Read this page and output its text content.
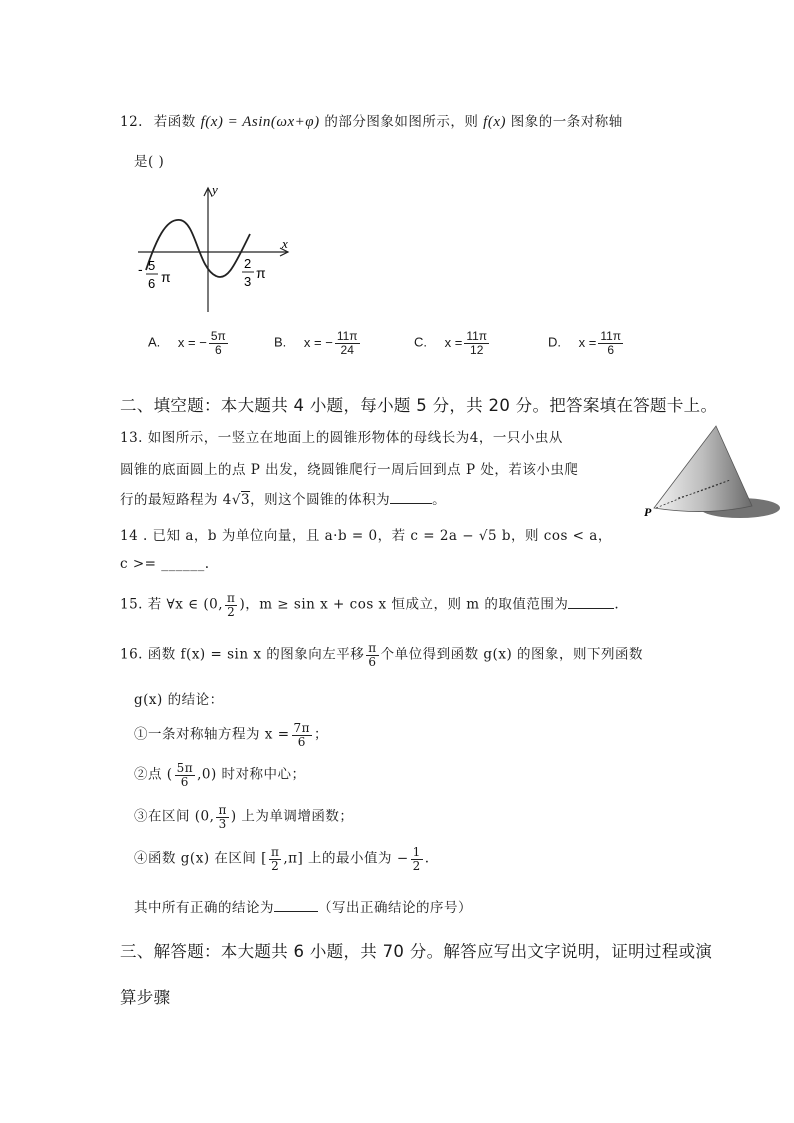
12. 若函数 f(x) = Asin(ωx+φ) 的部分图象如图所示，则 f(x) 图象的一条对称轴
是( )
x
y
- 5
6 π
2
3
π
A. x = − $\frac{5\pi}{6}$	B. x = − $\frac{11\pi}{24}$	C. $x = \frac{11\pi}{12}$	D. $x = \frac{11\pi}{6}$
二、填空题：本大题共 4 小题，每小题 5 分，共 20 分。把答案填在答题卡上。
13. 如图所示，一竖立在地面上的圆锥形物体的母线长为4，一只小虫从
圆锥的底面圆上的点 P 出发，绕圆锥爬行一周后回到点 P 处，若该小虫爬
行的最短路程为 4√3，则这个圆锥的体积为	。
P
14 . 已知 a，b 为单位向量，且 a·b = 0，若 c = 2a − √5 b，则 cos < a，
c >= ______.
15. 若 ∀x ∈ (0, $\frac{\pi}{2}$ )，m ≥ sin x + cos x 恒成立，则 m 的取值范围为	.
16. 函数 f(x) = sin x 的图象向左平移 $\frac{\pi}{6}$ 个单位得到函数 g(x) 的图象，则下列函数
g(x) 的结论：
①一条对称轴方程为 $x = \frac{7\pi}{6}$ ；
②点 ( $\frac{5\pi}{6} ,0$) 时对称中心；
③在区间 (0, $\frac{\pi}{3}$ ) 上为单调增函数；
④函数 g(x) 在区间 [ $\frac{\pi}{2} ,\pi$] 上的最小值为 − $\frac{1}{2}$ .
其中所有正确的结论为	（写出正确结论的序号）
三、解答题：本大题共 6 小题，共 70 分。解答应写出文字说明，证明过程或演
算步骤
